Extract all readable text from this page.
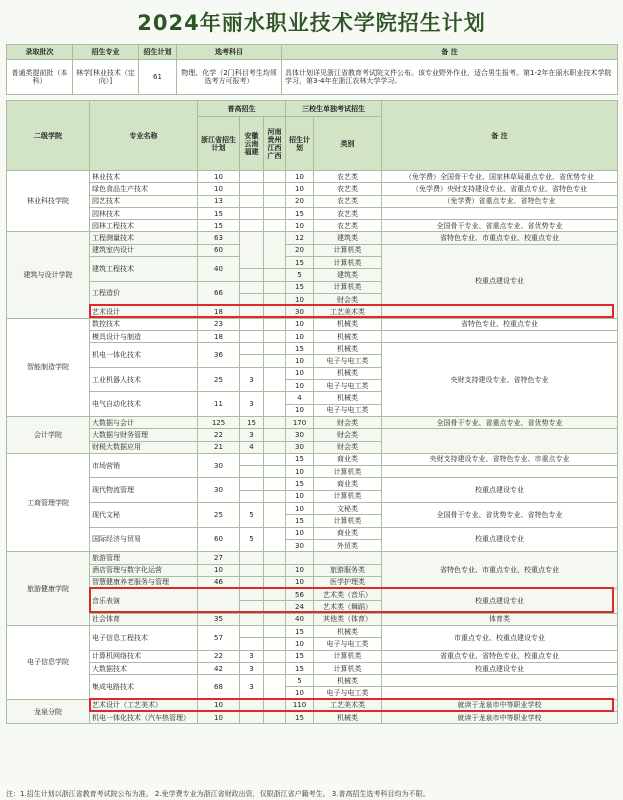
2024年丽水职业技术学院招生计划
录取批次	招生专业	招生计划	选考科目	备 注
普通类提前批（本科）	林学[林业技术（定向）]	61	物理、化学（2门科目考生均须选考方可报考）	具体计划详见浙江省教育考试院文件公布。该专业野外作业，适合男生报考。第1-2年在丽水职业技术学院学习，第3-4年在浙江农林大学学习。
二级学院	专业名称	普高招生			三校生单独考试招生		备 注
		浙江省招生计划	安徽云南福建	河南贵州江西广西	招生计划	类别	
林业科技学院	林业技术	10			10	农艺类	（免学费）全国骨干专业、国家林草局重点专业、省优势专业
	绿色食品生产技术	10			10	农艺类	（免学费）央财支持建设专业、省重点专业、省特色专业
	园艺技术	13			20	农艺类	（免学费）省重点专业、省特色专业
	园林技术	15			15	农艺类	
	园林工程技术	15			10	农艺类	全国骨干专业、省重点专业、省优势专业
建筑与设计学院	工程测量技术	63			12	建筑类	省特色专业、市重点专业、校重点专业
	建筑室内设计	60			20	计算机类	校重点建设专业
	建筑工程技术	40			15	计算机类	
					5	建筑类	
	工程造价	66			15	计算机类	
					10	财会类	
	艺术设计	18			30	工艺美术类	
智能制造学院	数控技术	23			10	机械类	省特色专业、校重点专业
	模具设计与制造	18			10	机械类	
	机电一体化技术	36			15	机械类	央财支持建设专业、省特色专业
					10	电子与电工类	
	工业机器人技术	25	3		10	机械类	
					10	电子与电工类	
	电气自动化技术	11	3		4	机械类	
					10	电子与电工类	
会计学院	大数据与会计	125	15		170	财会类	全国骨干专业、省重点专业、省优势专业
	大数据与财务管理	22	3		30	财会类	
	财税大数据应用	21	4		30	财会类	
工商管理学院	市场营销	30			15	商业类	央财支持建设专业、省特色专业、市重点专业
					10	计算机类	
	现代物流管理	30			15	商业类	校重点建设专业
					10	计算机类	
	现代文秘	25	5		10	文秘类	全国骨干专业、省优势专业、省特色专业
					15	计算机类	
	国际经济与贸易	60	5		10	商业类	校重点建设专业
					30	外贸类	
旅游健康学院	旅游管理	27					省特色专业、市重点专业、校重点专业
	酒店管理与数字化运营	10			10	旅游服务类	
	智慧健康养老服务与管理	46			10	医学护理类	
	音乐表演				56	艺术类（音乐）	校重点建设专业
					24	艺术类（舞蹈）	
	社会体育	35			40	其他类（体育）	体育类
电子信息学院	电子信息工程技术	57			15	机械类	市重点专业、校重点建设专业
					10	电子与电工类	
	计算机网络技术	22	3		15	计算机类	省重点专业、省特色专业、校重点专业
	大数据技术	42	3		15	计算机类	校重点建设专业
	集成电路技术	68	3		5	机械类	
					10	电子与电工类	
龙泉分院	艺术设计（工艺美术）	10			110	工艺美术类	就读于龙泉市中等职业学校
	机电一体化技术（汽车热管理）	10			15	机械类	就读于龙泉市中等职业学校
注：1.招生计划以浙江省教育考试院公布为准。 2.免学费专业为浙江省财政出资，仅限浙江省户籍考生。 3.普高招生选考科目均为不限。
